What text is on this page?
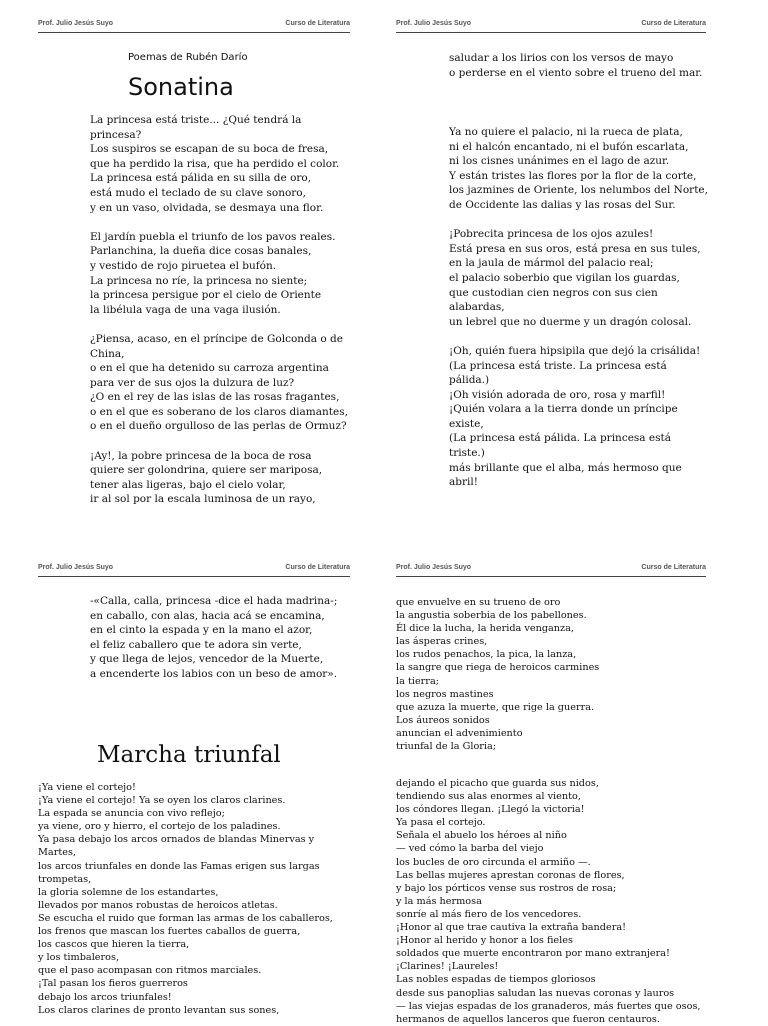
Prof. Julio Jesús Suyo	Curso de Literatura	Prof. Julio Jesús Suyo	Curso de Literatura
Prof. Julio Jesús Suyo	Curso de Literatura	Prof. Julio Jesús Suyo	Curso de Literatura
Poemas de Rubén Darío
Sonatina
La princesa está triste... ¿Qué tendrá la
princesa?
Los suspiros se escapan de su boca de fresa,
que ha perdido la risa, que ha perdido el color.
La princesa está pálida en su silla de oro,
está mudo el teclado de su clave sonoro,
y en un vaso, olvidada, se desmaya una flor.
El jardín puebla el triunfo de los pavos reales.
Parlanchina, la dueña dice cosas banales,
y vestido de rojo piruetea el bufón.
La princesa no ríe, la princesa no siente;
la princesa persigue por el cielo de Oriente
la libélula vaga de una vaga ilusión.
¿Piensa, acaso, en el príncipe de Golconda o de
China,
o en el que ha detenido su carroza argentina
para ver de sus ojos la dulzura de luz?
¿O en el rey de las islas de las rosas fragantes,
o en el que es soberano de los claros diamantes,
o en el dueño orgulloso de las perlas de Ormuz?
¡Ay!, la pobre princesa de la boca de rosa
quiere ser golondrina, quiere ser mariposa,
tener alas ligeras, bajo el cielo volar,
ir al sol por la escala luminosa de un rayo,
saludar a los lirios con los versos de mayo
o perderse en el viento sobre el trueno del mar.
Ya no quiere el palacio, ni la rueca de plata,
ni el halcón encantado, ni el bufón escarlata,
ni los cisnes unánimes en el lago de azur.
Y están tristes las flores por la flor de la corte,
los jazmines de Oriente, los nelumbos del Norte,
de Occidente las dalias y las rosas del Sur.
¡Pobrecita princesa de los ojos azules!
Está presa en sus oros, está presa en sus tules,
en la jaula de mármol del palacio real;
el palacio soberbio que vigilan los guardas,
que custodian cien negros con sus cien
alabardas,
un lebrel que no duerme y un dragón colosal.
¡Oh, quién fuera hipsipila que dejó la crisálida!
(La princesa está triste. La princesa está
pálida.)
¡Oh visión adorada de oro, rosa y marfil!
¡Quién volara a la tierra donde un príncipe
existe,
(La princesa está pálida. La princesa está
triste.)
más brillante que el alba, más hermoso que
abril!
-«Calla, calla, princesa -dice el hada madrina-;
en caballo, con alas, hacia acá se encamina,
en el cinto la espada y en la mano el azor,
el feliz caballero que te adora sin verte,
y que llega de lejos, vencedor de la Muerte,
a encenderte los labios con un beso de amor».
Marcha triunfal
¡Ya viene el cortejo!
¡Ya viene el cortejo! Ya se oyen los claros clarines.
La espada se anuncia con vivo reflejo;
ya viene, oro y hierro, el cortejo de los paladines.
Ya pasa debajo los arcos ornados de blandas Minervas y
Martes,
los arcos triunfales en donde las Famas erigen sus largas
trompetas,
la gloria solemne de los estandartes,
llevados por manos robustas de heroicos atletas.
Se escucha el ruido que forman las armas de los caballeros,
los frenos que mascan los fuertes caballos de guerra,
los cascos que hieren la tierra,
y los timbaleros,
que el paso acompasan con ritmos marciales.
¡Tal pasan los fieros guerreros
debajo los arcos triunfales!
Los claros clarines de pronto levantan sus sones,
que envuelve en su trueno de oro
la angustia soberbia de los pabellones.
Él dice la lucha, la herida venganza,
las ásperas crines,
los rudos penachos, la pica, la lanza,
la sangre que riega de heroicos carmines
la tierra;
los negros mastines
que azuza la muerte, que rige la guerra.
Los áureos sonidos
anuncian el advenimiento
triunfal de la Gloria;
dejando el picacho que guarda sus nidos,
tendiendo sus alas enormes al viento,
los cóndores llegan. ¡Llegó la victoria!
Ya pasa el cortejo.
Señala el abuelo los héroes al niño
— ved cómo la barba del viejo
los bucles de oro circunda el armiño —.
Las bellas mujeres aprestan coronas de flores,
y bajo los pórticos vense sus rostros de rosa;
y la más hermosa
sonríe al más fiero de los vencedores.
¡Honor al que trae cautiva la extraña bandera!
¡Honor al herido y honor a los fieles
soldados que muerte encontraron por mano extranjera!
¡Clarines! ¡Laureles!
Las nobles espadas de tiempos gloriosos
desde sus panoplias saludan las nuevas coronas y lauros
— las viejas espadas de los granaderos, más fuertes que osos,
hermanos de aquellos lanceros que fueron centauros.
